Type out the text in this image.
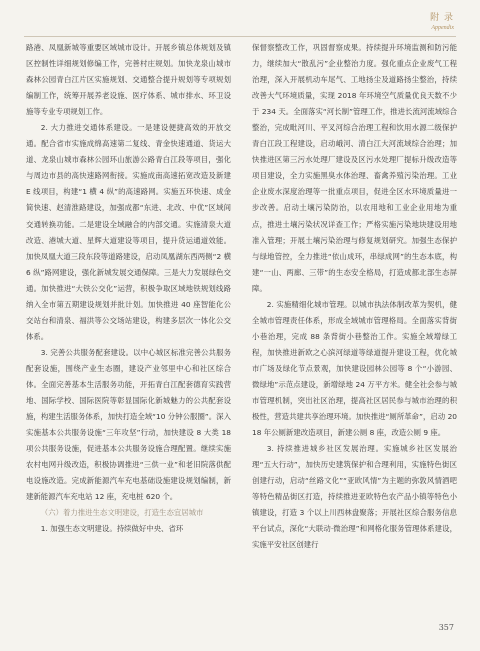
附 录
Appendix

路港、凤凰新城等重要区域城市设计。开展乡镇总体规划及镇区控制性详细规划修编工作，完善村庄规划。加快龙泉山城市森林公园青白江片区实施规划、交通整合提升规划等专项规划编制工作，统筹开展养老设施、医疗体系、城市排水、环卫设施等专业专项规划工作。

2. 大力推进交通体系建设。一是建设便捷高效的开放交通。配合省市实施成绵高速第二复线、青金快速通道、货运大道、龙泉山城市森林公园环山旅游公路青白江段等项目，强化与周边市县的高快速路网衔接。实施成南高速拓宽改造及新建 E 线项目，构建“1 横 4 纵”的高速路网。实施五环快速、成金简快速、赵清淮路建设，加强成都“东进、北改、中优”区域间交通转换功能。二是建设全域融合的内部交通。实施清泉大道改造、港城大道、星辉大道建设等项目，提升货运通道效能。加快凤凰大道三段东段等道路建设，启动凤凰湖东西两侧“2 横 6 纵”路网建设，强化新城发展交通保障。三是大力发展绿色交通。加快推进“大铁公交化”运营，积极争取区域地铁规划线路纳入全市第五期建设规划并批计划。加快推进 40 座智能化公交站台和清泉、福洪等公交场站建设，构建多层次一体化公交体系。

3. 完善公共服务配套建设。以中心城区标准完善公共服务配套设施，围绕产业生态圈，建设产业邻里中心和社区综合体。全面完善基本生活服务功能，开拓青白江配套德育实践营地、国际学校、国际医院等彰显国际化新城魅力的公共配套设施，构建生活服务体系，加快打造全域“10 分钟公服圈”。深入实施基本公共服务设施“三年攻坚”行动，加快建设 8 大类 18 项公共服务设施，促进基本公共服务设施合理配置。继续实施农村电网升级改造，积极协调推进“三供一业”和老旧院落供配电设施改造。完成新能源汽车充电基础设施建设规划编制，新建新能源汽车充电站 12 座，充电桩 620 个。

（六）着力推进生态文明建设，打造生态宜居城市

1. 加强生态文明建设。持续做好中央、省环

保督察整改工作，巩固督察成果。持续提升环境监测和防污能力，继续加大“散乱污”企业整治力度。强化重点企业废气工程治理，深入开展机动车尾气、工地扬尘及道路扬尘整治，持续改善大气环境质量，实现 2018 年环境空气质量优良天数不少于 234 天。全面落实“河长制”管理工作，推进长流河流域综合整治，完成毗河川、平叉河综合治理工程和饮用水源二级保护青白江段工程建设，启动峨河、清白江大河流域综合治理；加快推进区第三污水处理厂建设及区污水处理厂提标升级改造等项目建设，全力实施黑臭水体治理、畜禽养殖污染治理。工业企业废水深度治理等一批重点项目，促进全区水环境质量进一步改善。启动土壤污染防治，以农用地和工业企业用地为重点，推进土壤污染状况详查工作；严格实施污染地块建设用地准入管理；开展土壤污染治理与修复规划研究。加强生态保护与绿地管控，全力推进“依山成环，串绿成网”的生态本底，构建“一山、两廊、三带”的生态安全格局，打造成都北部生态屏障。

2. 实施精细化城市管理。以城市执法体制改革为契机，健全城市管理责任体系，形成全域城市管理格局。全面落实背街小巷治理，完成 88 条背街小巷整治工作。实施全域增绿工程，加快推进新欧之心滨河绿道等绿道提升建设工程，优化城市广场及绿化节点景观，加快建设园林公园等 8 个“小游园、微绿地”示范点建设，新增绿地 24 万平方米。健全社会参与城市管理机制，突出社区治理，提高社区居民参与城市治理的积极性，营造共建共享治理环境。加快推进“厕所革命”，启动 2018 年公厕新建改造项目，新建公厕 8 座，改造公厕 9 座。

3. 持续推进城乡社区发展治理。实施城乡社区发展治理“五大行动”，加快历史建筑保护和合理利用，实施特色街区创建行动，启动“丝路文化”“亚欧风情”为主题的弥敦风情酒吧等特色精品街区打造，持续推进亚欧特色农产品小镇等特色小镇建设，打造 3 个以上川西林盘聚落；开展社区综合服务信息平台试点，深化“大联动·微治理”和网格化服务管理体系建设，实施平安社区创建行

357
